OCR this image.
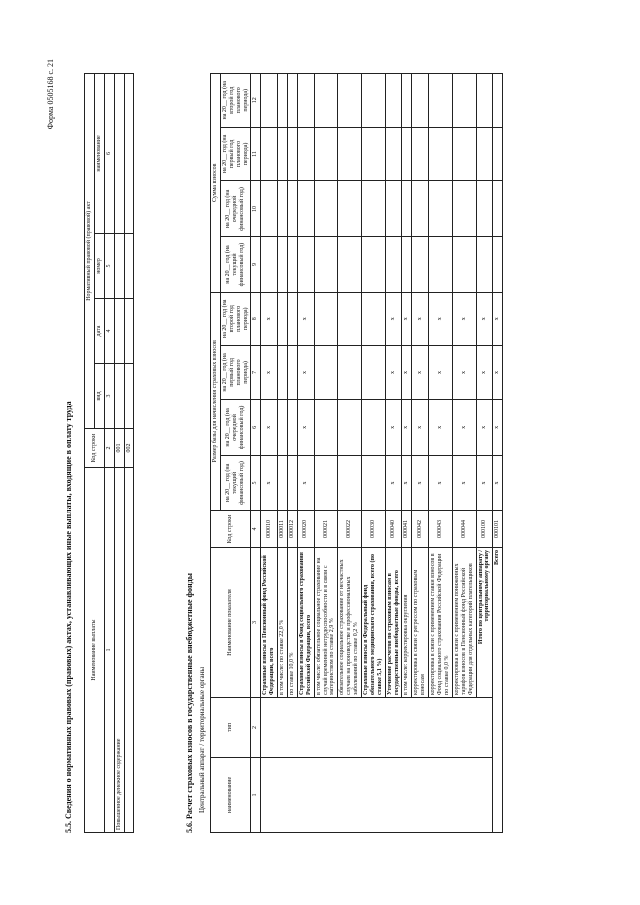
Форма 0505168 с. 21
5.5. Сведения о нормативных правовых (правовых) актах, устанавливающих иные выплаты, входящие в оплату труда	Наименование выплаты	Код строки	Нормативный правовой (правовой) акт			
		вид	дата	номер	наименование
1	2	3	4	5	6
Повышенное денежное содержание	001				
	002				
5.6. Расчет страховых взносов в государственные внебюджетные фонды Центральный аппарат / территориальные органы	наименование	тип	Наименование показателя	Код строки	Размер базы для начисления страховых взносов				Сумма взносов			
				на 20__ год (на текущий финансовый год)	на 20__ год (на очередной финансовый год)	на 20__ год (на первый год планового периода)	на 20__ год (на второй год планового периода)	на 20__ год (на текущий финансовый год)	на 20__ год (на очередной финансовый год)	на 20__ год (на первый год планового периода)	на 20__ год (на второй год планового периода)
1	2	3	4	5	6	7	8	9	10	11	12
		Страховые взносы в Пенсионный фонд Российской Федерации, всего	000010	x	x	x	x				
		в том числе: по ставке 22,0 %	000011								
		по ставке 10,0 %	000012								
		Страховые взносы в Фонд социального страхования Российской Федерации, всего	000020	x	x	x	x				
		в том числе: обязательное социальное страхование на случай временной нетрудоспособности и в связи с материнством по ставке 2,9 %	000021								
		обязательное социальное страхование от несчастных случаев на производстве и профессиональных заболеваний по ставке 0,2 %	000022								
		Страховые взносы в Федеральный фонд обязательного медицинского страхования, всего (по ставке 5,1 %)	000030								
		Уточнение расчетов по страховым взносам в государственные внебюджетные фонды, всего	000040	x	x	x	x				
		в том числе: корректировка округления	000041	x	x	x	x				
		корректировка в связи с регрессом по страховым взносам	000042	x	x	x	x				
		корректировка в связи с применением ставки взносов в Фонд социального страхования Российской Федерации по ставке 0,0 %	000043	x	x	x	x				
		корректировка в связи с применением пониженных тарифов взносов в Пенсионный фонд Российской Федерации для отдельных категорий плательщиков	000044	x	x	x	x				
		Итого по центральному аппарату / территориальному органу	000100	x	x	x	x				
Всего			000101	x	x	x	x				
